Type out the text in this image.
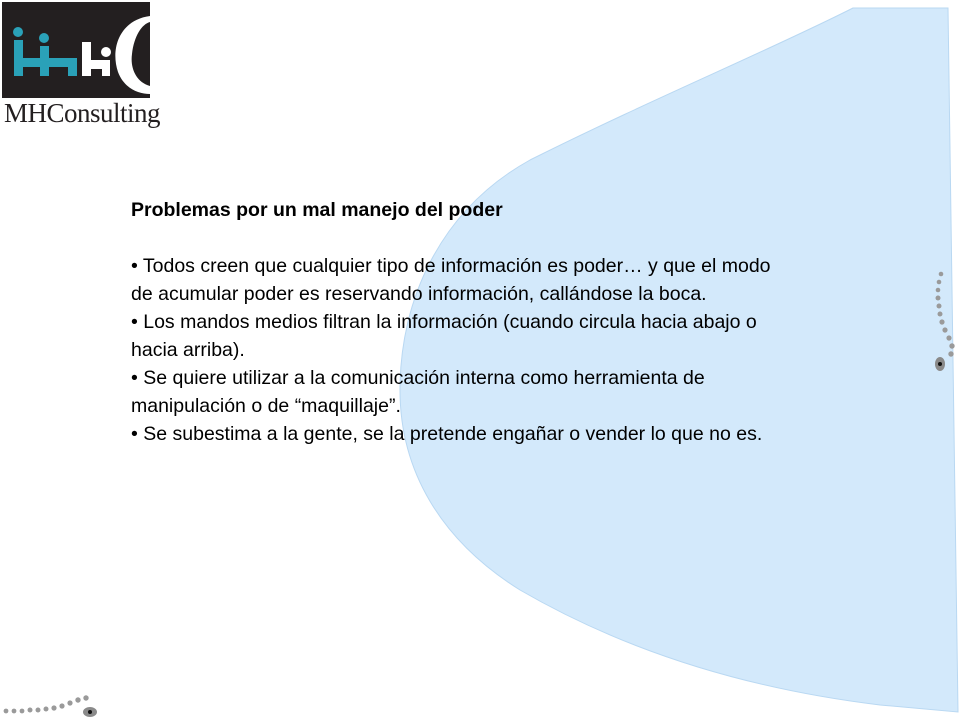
MHConsulting

Problemas por un mal manejo del poder

• Todos creen que cualquier tipo de información es poder… y que el modo de acumular poder es reservando información, callándose la boca.

• Los mandos medios filtran la información (cuando circula hacia abajo o hacia arriba).

• Se quiere utilizar a la comunicación interna como herramienta de manipulación o de “maquillaje”.

• Se subestima a la gente, se la pretende engañar o vender lo que no es.
